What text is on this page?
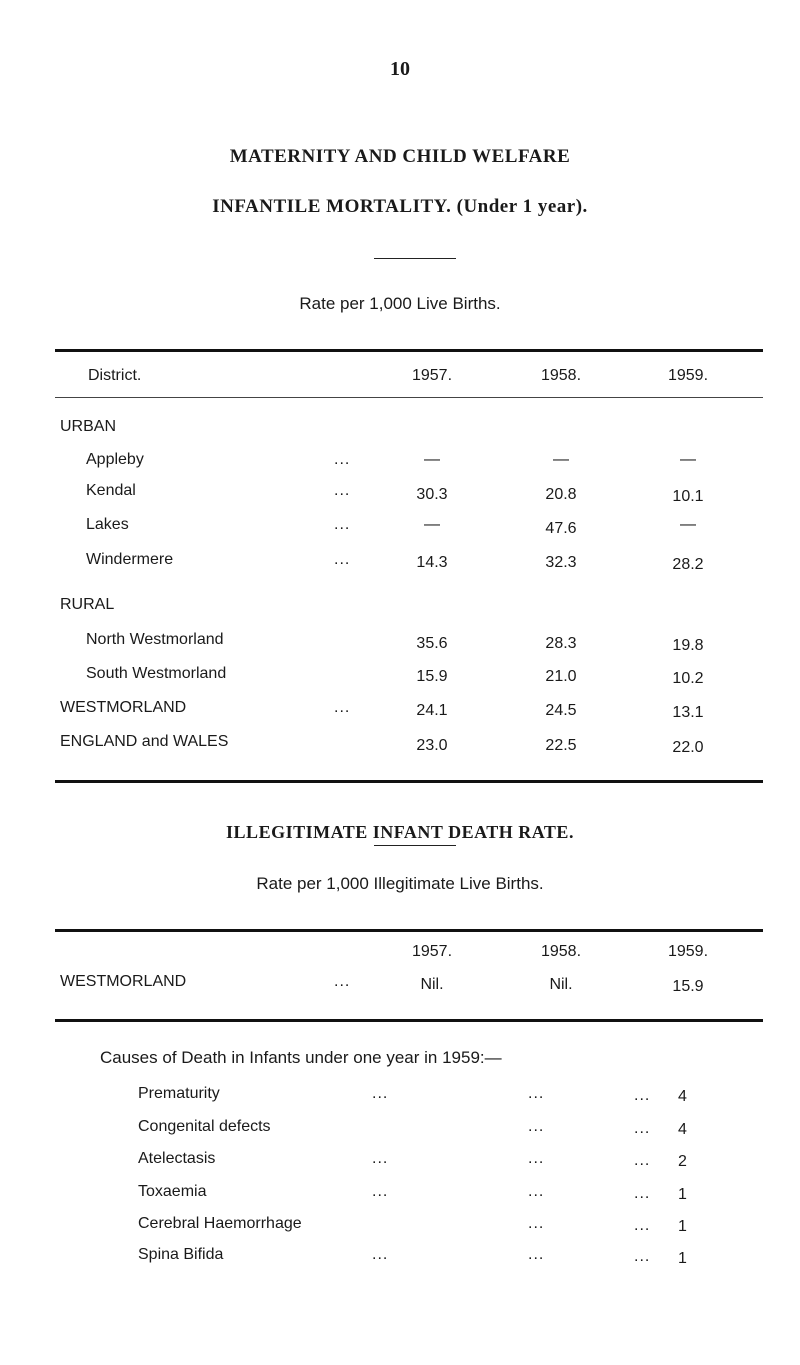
10
MATERNITY AND CHILD WELFARE
INFANTILE MORTALITY. (Under 1 year).
Rate per 1,000 Live Births.
District.	1957.	1958.	1959.
URBAN
Appleby	...	—	—	—
Kendal	...	30.3	20.8	10.1
Lakes	...	—	47.6	—
Windermere	...	14.3	32.3	28.2
RURAL
North Westmorland	35.6	28.3	19.8
South Westmorland	15.9	21.0	10.2
WESTMORLAND	...	24.1	24.5	13.1
ENGLAND and WALES	23.0	22.5	22.0
ILLEGITIMATE INFANT DEATH RATE.
Rate per 1,000 Illegitimate Live Births.
1957.	1958.	1959.
WESTMORLAND	...	Nil.	Nil.	15.9
Causes of Death in Infants under one year in 1959:—
Prematurity	...	...	... 4
Congenital defects	...	... 4
Atelectasis	...	...	... 2
Toxaemia	...	...	... 1
Cerebral Haemorrhage	...	... 1
Spina Bifida	...	...	... 1
